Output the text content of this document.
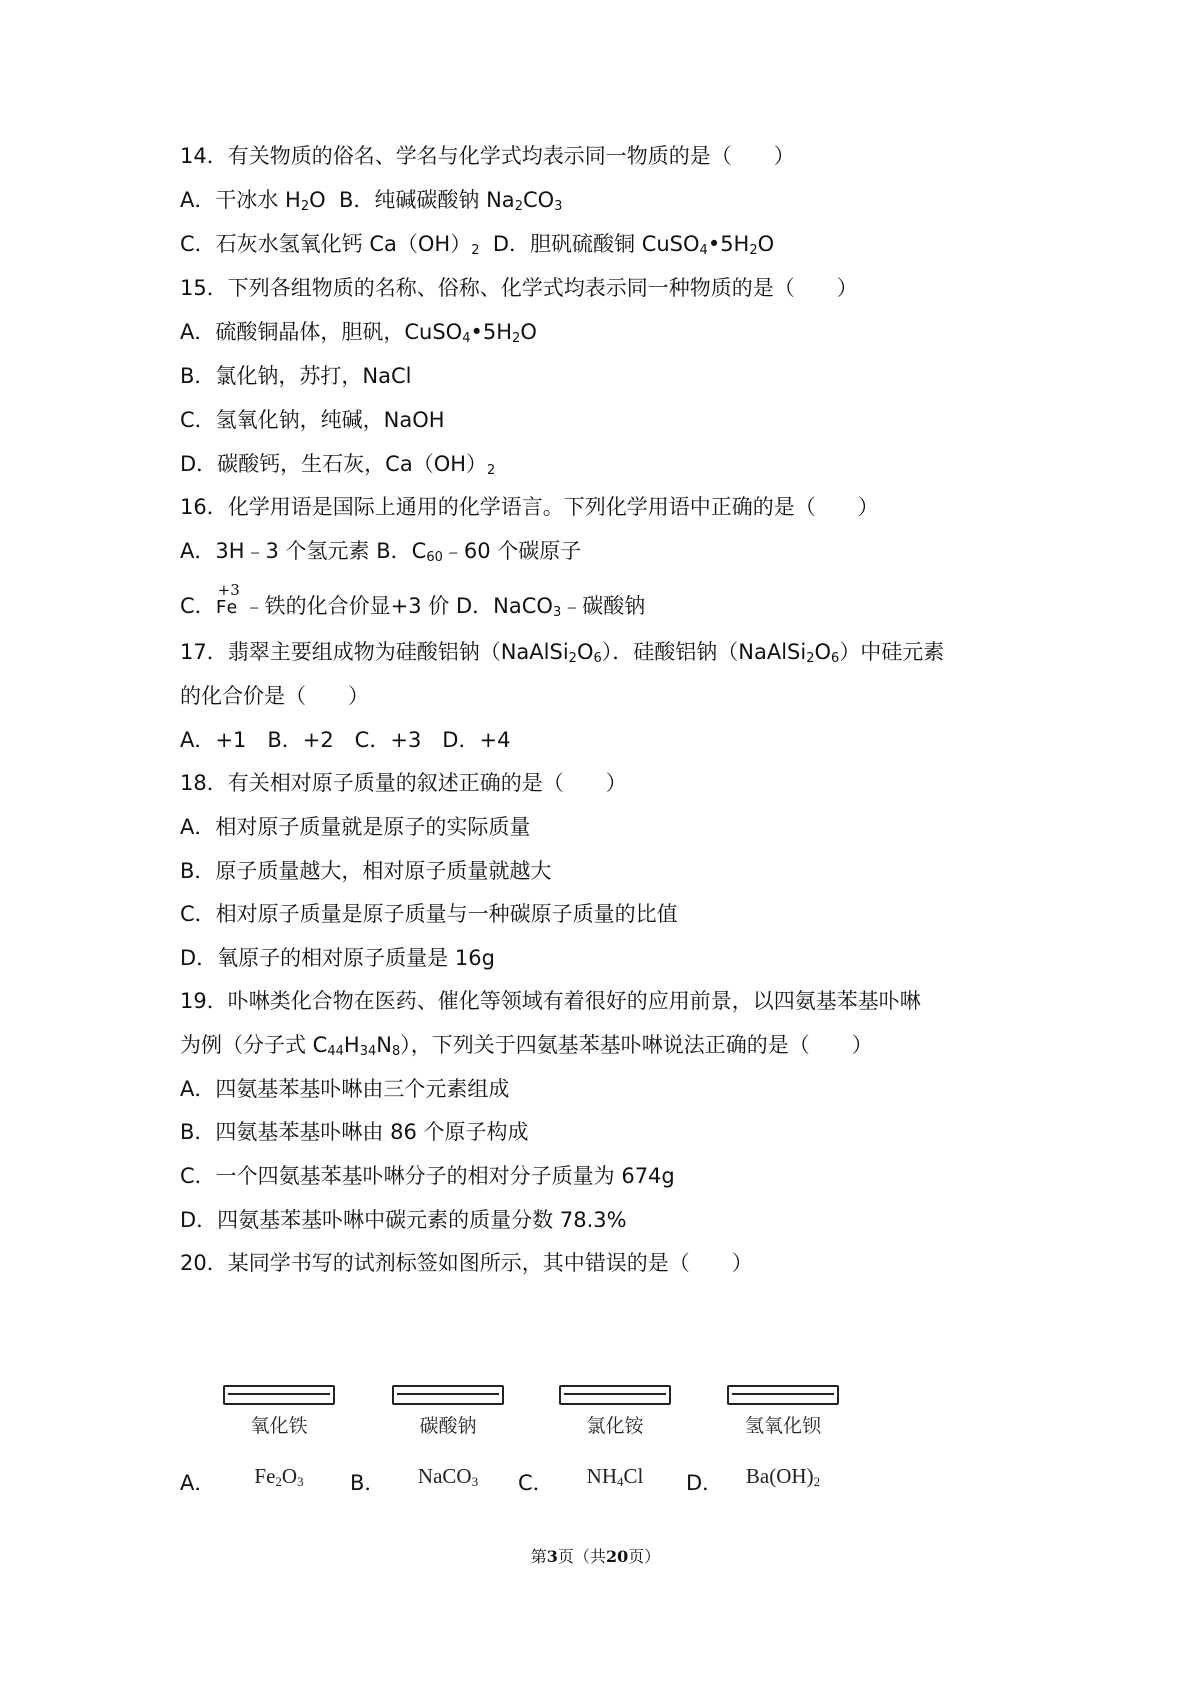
14．有关物质的俗名、学名与化学式均表示同一物质的是（　　）
A．干冰水 $H_2O$ B．纯碱碳酸钠 $Na_2CO_3$
C．石灰水氢氧化钙 $Ca(OH)_2$ D．胆矾硫酸铜 $CuSO_4•5H_2O$
15．下列各组物质的名称、俗称、化学式均表示同一种物质的是（　　）
A．硫酸铜晶体，胆矾，$CuSO_4•5H_2O$
B．氯化钠，苏打，NaCl
C．氢氧化钠，纯碱，NaOH
D．碳酸钙，生石灰，$Ca(OH)_2$
16．化学用语是国际上通用的化学语言。下列化学用语中正确的是（　　）
A．3H﹣3 个氢元素 B．$C_{60}﹣60$ 个碳原子
C．
+3
Fe ﹣铁的化合价显+3 价 D．NaCO$_3$﹣碳酸钠
17．翡翠主要组成物为硅酸铝钠$(NaAlSi_2O_6)$．硅酸铝钠$(NaAlSi_2O_6)$中硅元素
的化合价是（　　）
A．+1　B．+2　C．+3　D．+4
18．有关相对原子质量的叙述正确的是（　　）
A．相对原子质量就是原子的实际质量
B．原子质量越大，相对原子质量就越大
C．相对原子质量是原子质量与一种碳原子质量的比值
D．氧原子的相对原子质量是 16g
19．卟啉类化合物在医药、催化等领域有着很好的应用前景，以四氨基苯基卟啉
为例（分子式 $C_{44}H_{34}N_8$），下列关于四氨基苯基卟啉说法正确的是（　　）
A．四氨基苯基卟啉由三个元素组成
B．四氨基苯基卟啉由 86 个原子构成
C．一个四氨基苯基卟啉分子的相对分子质量为 674g
D．四氨基苯基卟啉中碳元素的质量分数 78.3%
20．某同学书写的试剂标签如图所示，其中错误的是（　　）
A．
氧化铁
$Fe_2O_3$	B．
碳酸钠
NaCO$_3$	C．
氯化铵
$NH_4Cl$	D．
氢氧化钡
$Ba(OH)_2$
第3页（共20页）
